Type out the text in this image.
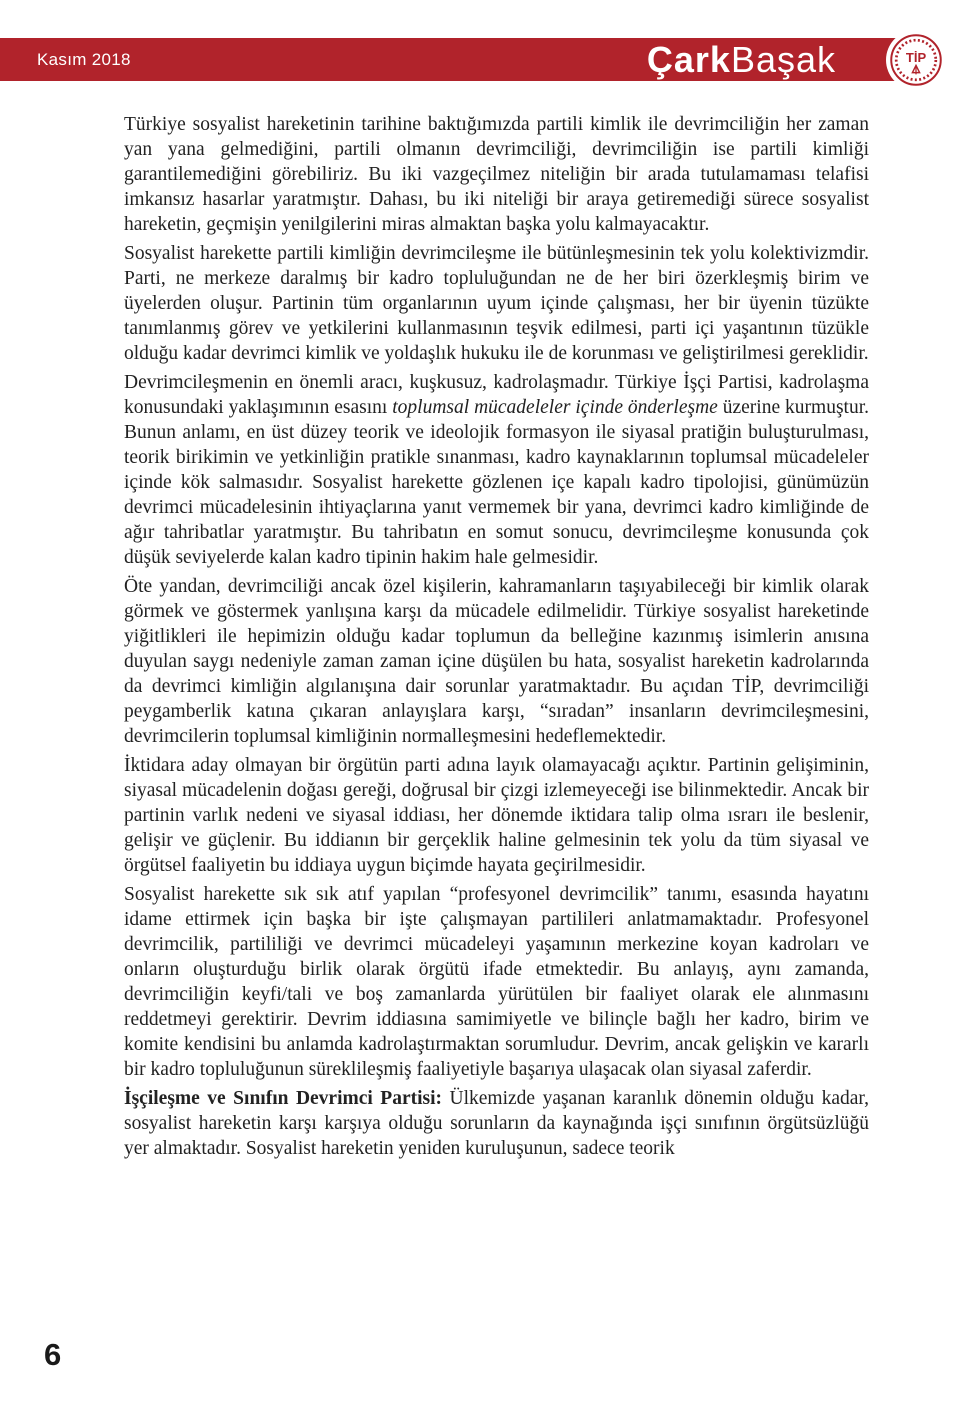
Kasım 2018	ÇarkBaşak	TİP

Türkiye sosyalist hareketinin tarihine baktığımızda partili kimlik ile devrimciliğin her zaman yan yana gelmediğini, partili olmanın devrimciliği, devrimciliğin ise partili kimliği garantilemediğini görebiliriz. Bu iki vazgeçilmez niteliğin bir arada tutulamaması telafisi imkansız hasarlar yaratmıştır. Dahası, bu iki niteliği bir araya getiremediği sürece sosyalist hareketin, geçmişin yenilgilerini miras almaktan başka yolu kalmayacaktır.

Sosyalist harekette partili kimliğin devrimcileşme ile bütünleşmesinin tek yolu kolektivizmdir. Parti, ne merkeze daralmış bir kadro topluluğundan ne de her biri özerkleşmiş birim ve üyelerden oluşur. Partinin tüm organlarının uyum içinde çalışması, her bir üyenin tüzükte tanımlanmış görev ve yetkilerini kullanmasının teşvik edilmesi, parti içi yaşantının tüzükle olduğu kadar devrimci kimlik ve yoldaşlık hukuku ile de korunması ve geliştirilmesi gereklidir.

Devrimcileşmenin en önemli aracı, kuşkusuz, kadrolaşmadır. Türkiye İşçi Partisi, kadrolaşma konusundaki yaklaşımının esasını toplumsal mücadeleler içinde önderleşme üzerine kurmuştur. Bunun anlamı, en üst düzey teorik ve ideolojik formasyon ile siyasal pratiğin buluşturulması, teorik birikimin ve yetkinliğin pratikle sınanması, kadro kaynaklarının toplumsal mücadeleler içinde kök salmasıdır. Sosyalist harekette gözlenen içe kapalı kadro tipolojisi, günümüzün devrimci mücadelesinin ihtiyaçlarına yanıt vermemek bir yana, devrimci kadro kimliğinde de ağır tahribatlar yaratmıştır. Bu tahribatın en somut sonucu, devrimcileşme konusunda çok düşük seviyelerde kalan kadro tipinin hakim hale gelmesidir.

Öte yandan, devrimciliği ancak özel kişilerin, kahramanların taşıyabileceği bir kimlik olarak görmek ve göstermek yanlışına karşı da mücadele edilmelidir. Türkiye sosyalist hareketinde yiğitlikleri ile hepimizin olduğu kadar toplumun da belleğine kazınmış isimlerin anısına duyulan saygı nedeniyle zaman zaman içine düşülen bu hata, sosyalist hareketin kadrolarında da devrimci kimliğin algılanışına dair sorunlar yaratmaktadır. Bu açıdan TİP, devrimciliği peygamberlik katına çıkaran anlayışlara karşı, “sıradan” insanların devrimcileşmesini, devrimcilerin toplumsal kimliğinin normalleşmesini hedeflemektedir.

İktidara aday olmayan bir örgütün parti adına layık olamayacağı açıktır. Partinin gelişiminin, siyasal mücadelenin doğası gereği, doğrusal bir çizgi izlemeyeceği ise bilinmektedir. Ancak bir partinin varlık nedeni ve siyasal iddiası, her dönemde iktidara talip olma ısrarı ile beslenir, gelişir ve güçlenir. Bu iddianın bir gerçeklik haline gelmesinin tek yolu da tüm siyasal ve örgütsel faaliyetin bu iddiaya uygun biçimde hayata geçirilmesidir.

Sosyalist harekette sık sık atıf yapılan “profesyonel devrimcilik” tanımı, esasında hayatını idame ettirmek için başka bir işte çalışmayan partilileri anlatmamaktadır. Profesyonel devrimcilik, partililiği ve devrimci mücadeleyi yaşamının merkezine koyan kadroları ve onların oluşturduğu birlik olarak örgütü ifade etmektedir. Bu anlayış, aynı zamanda, devrimciliğin keyfi/tali ve boş zamanlarda yürütülen bir faaliyet olarak ele alınmasını reddetmeyi gerektirir. Devrim iddiasına samimiyetle ve bilinçle bağlı her kadro, birim ve komite kendisini bu anlamda kadrolaştırmaktan sorumludur. Devrim, ancak gelişkin ve kararlı bir kadro topluluğunun süreklileşmiş faaliyetiyle başarıya ulaşacak olan siyasal zaferdir.

İşçileşme ve Sınıfın Devrimci Partisi: Ülkemizde yaşanan karanlık dönemin olduğu kadar, sosyalist hareketin karşı karşıya olduğu sorunların da kaynağında işçi sınıfının örgütsüzlüğü yer almaktadır. Sosyalist hareketin yeniden kuruluşunun, sadece teorik

6
